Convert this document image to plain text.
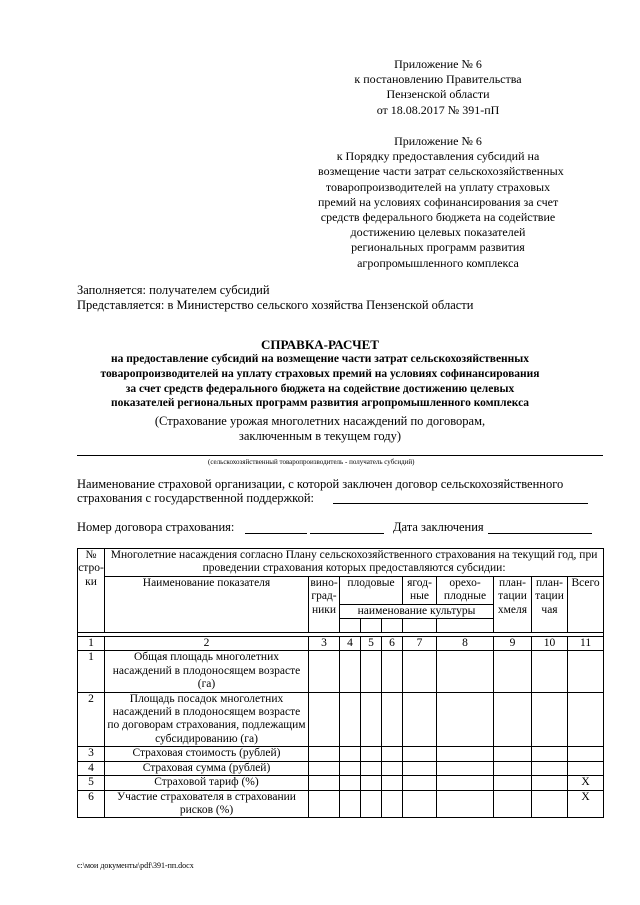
Приложение № 6
к постановлению Правительства
Пензенской области
от 18.08.2017 № 391-пП
Приложение № 6
к Порядку предоставления субсидий на
возмещение части затрат сельскохозяйственных
товаропроизводителей на уплату страховых
премий на условиях софинансирования за счет
средств федерального бюджета на содействие
достижению целевых показателей
региональных программ развития
агропромышленного комплекса
Заполняется: получателем субсидий
Представляется: в Министерство сельского хозяйства Пензенской области
СПРАВКА-РАСЧЕТ
на предоставление субсидий на возмещение части затрат сельскохозяйственных
товаропроизводителей на уплату страховых премий на условиях софинансирования
за счет средств федерального бюджета на содействие достижению целевых
показателей региональных программ развития агропромышленного комплекса
(Страхование урожая многолетних насаждений по договорам,
заключенным в текущем году)
(сельскохозяйственный товаропроизводитель - получатель субсидий)
Наименование страховой организации, с которой заключен договор сельскохозяйственного
страхования с государственной поддержкой:
Номер договора страхования:	Дата заключения
№ стро-ки	Многолетние насаждения согласно Плану сельскохозяйственного страхования на текущий год, при проведении страхования которых предоставляются субсидии:									
	Наименование показателя	вино-град-ники	плодовые			ягод-ные	орехо-плодные	план-тации хмеля	план-тации чая	Всего
			наименование культуры							

1	2	3	4	5	6	7	8	9	10	11
1	Общая площадь многолетних насаждений в плодоносящем возрасте (га)									
2	Площадь посадок многолетних насаждений в плодоносящем возрасте по договорам страхования, подлежащим субсидированию (га)									
3	Страховая стоимость (рублей)									
4	Страховая сумма (рублей)									
5	Страховой тариф (%)									Х
6	Участие страхователя в страховании рисков (%)									Х
c:\мои документы\pdf\391-пп.docx
